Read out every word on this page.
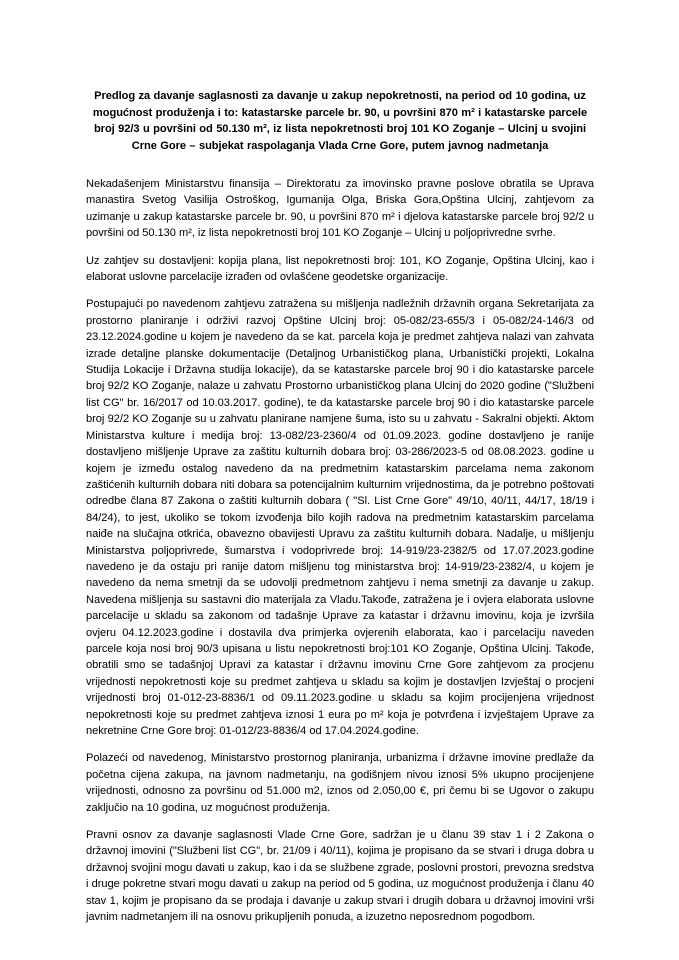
Predlog za davanje saglasnosti za davanje u zakup nepokretnosti, na period od 10 godina, uz
mogućnost produženja i to: katastarske parcele br. 90, u površini 870 m² i katastarske parcele
broj 92/3 u površini od 50.130 m², iz lista nepokretnosti broj 101 KO Zoganje – Ulcinj u svojini
Crne Gore – subjekat raspolaganja Vlada Crne Gore, putem javnog nadmetanja

Nekadašenjem Ministarstvu finansija – Direktoratu za imovinsko pravne poslove obratila se Uprava manastira Svetog Vasilija Ostroškog, Igumanija Olga, Briska Gora,Opština Ulcinj, zahtjevom za uzimanje u zakup katastarske parcele br. 90, u površini 870 m² i djelova katastarske parcele broj 92/2 u površini od 50.130 m², iz lista nepokretnosti broj 101 KO Zoganje – Ulcinj u poljoprivredne svrhe.

Uz zahtjev su dostavljeni: kopija plana, list nepokretnosti broj: 101, KO Zoganje, Opština Ulcinj, kao i elaborat uslovne parcelacije izrađen od ovlašćene geodetske organizacije.

Postupajući po navedenom zahtjevu zatražena su mišljenja nadležnih državnih organa Sekretarijata za prostorno planiranje i održivi razvoj Opštine Ulcinj broj: 05-082/23-655/3 i 05-082/24-146/3 od 23.12.2024.godine u kojem je navedeno da se kat. parcela koja je predmet zahtjeva nalazi van zahvata izrade detaljne planske dokumentacije (Detaljnog Urbanističkog plana, Urbanistički projekti, Lokalna Studija Lokacije i Državna studija lokacije), da se katastarske parcele broj 90 i dio katastarske parcele broj 92/2 KO Zoganje, nalaze u zahvatu Prostorno urbanističkog plana Ulcinj do 2020 godine ("Službeni list CG" br. 16/2017 od 10.03.2017. godine), te da katastarske parcele broj 90 i dio katastarske parcele broj 92/2 KO Zoganje su u zahvatu planirane namjene šuma, isto su u zahvatu - Sakralni objekti. Aktom Ministarstva kulture i medija broj: 13-082/23-2360/4 od 01.09.2023. godine dostavljeno je ranije dostavljeno mišljenje Uprave za zaštitu kulturnih dobara broj: 03-286/2023-5 od 08.08.2023. godine u kojem je između ostalog navedeno da na predmetnim katastarskim parcelama nema zakonom zaštićenih kulturnih dobara niti dobara sa potencijalnim kulturnim vrijednostima, da je potrebno poštovati odredbe člana 87 Zakona o zaštiti kulturnih dobara ( "Sl. List Crne Gore" 49/10, 40/11, 44/17, 18/19 i 84/24), to jest, ukoliko se tokom izvođenja bilo kojih radova na predmetnim katastarskim parcelama naiđe na slučajna otkrića, obavezno obavijesti Upravu za zaštitu kulturnih dobara. Nadalje, u mišljenju Ministarstva poljoprivrede, šumarstva i vodoprivrede broj: 14-919/23-2382/5 od 17.07.2023.godine navedeno je da ostaju pri ranije datom mišljenu tog ministarstva broj: 14-919/23-2382/4, u kojem je navedeno da nema smetnji da se udovolji predmetnom zahtjevu i nema smetnji za davanje u zakup. Navedena mišljenja su sastavni dio materijala za Vladu.Takođe, zatražena je i ovjera elaborata uslovne parcelacije u skladu sa zakonom od tadašnje Uprave za katastar i državnu imovinu, koja je izvršila ovjeru 04.12.2023.godine i dostavila dva primjerka ovjerenih elaborata, kao i parcelaciju naveden parcele koja nosi broj 90/3 upisana u listu nepokretnosti broj:101 KO Zoganje, Opština Ulcinj. Takođe, obratili smo se tadašnjoj Upravi za katastar i državnu imovinu Crne Gore zahtjevom za procjenu vrijednosti nepokretnosti koje su predmet zahtjeva u skladu sa kojim je dostavljen Izvještaj o procjeni vrijednosti broj 01-012-23-8836/1 od 09.11.2023.godine u skladu sa kojim procijenjena vrijednost nepokretnosti koje su predmet zahtjeva iznosi 1 eura po m² koja je potvrđena i izvještajem Uprave za nekretnine Crne Gore broj: 01-012/23-8836/4 od 17.04.2024.godine.

Polazeći od navedenog, Ministarstvo prostornog planiranja, urbanizma i državne imovine predlaže da početna cijena zakupa, na javnom nadmetanju, na godišnjem nivou iznosi 5% ukupno procijenjene vrijednosti, odnosno za površinu od 51.000 m2, iznos od 2.050,00 €, pri čemu bi se Ugovor o zakupu zaključio na 10 godina, uz mogućnost produženja.

Pravni osnov za davanje saglasnosti Vlade Crne Gore, sadržan je u članu 39 stav 1 i 2 Zakona o državnoj imovini ("Službeni list CG", br. 21/09 i 40/11), kojima je propisano da se stvari i druga dobra u državnoj svojini mogu davati u zakup, kao i da se službene zgrade, poslovni prostori, prevozna sredstva i druge pokretne stvari mogu davati u zakup na period od 5 godina, uz mogućnost produženja i članu 40 stav 1, kojim je propisano da se prodaja i davanje u zakup stvari i drugih dobara u državnoj imovini vrši javnim nadmetanjem ili na osnovu prikupljenih ponuda, a izuzetno neposrednom pogodbom.
